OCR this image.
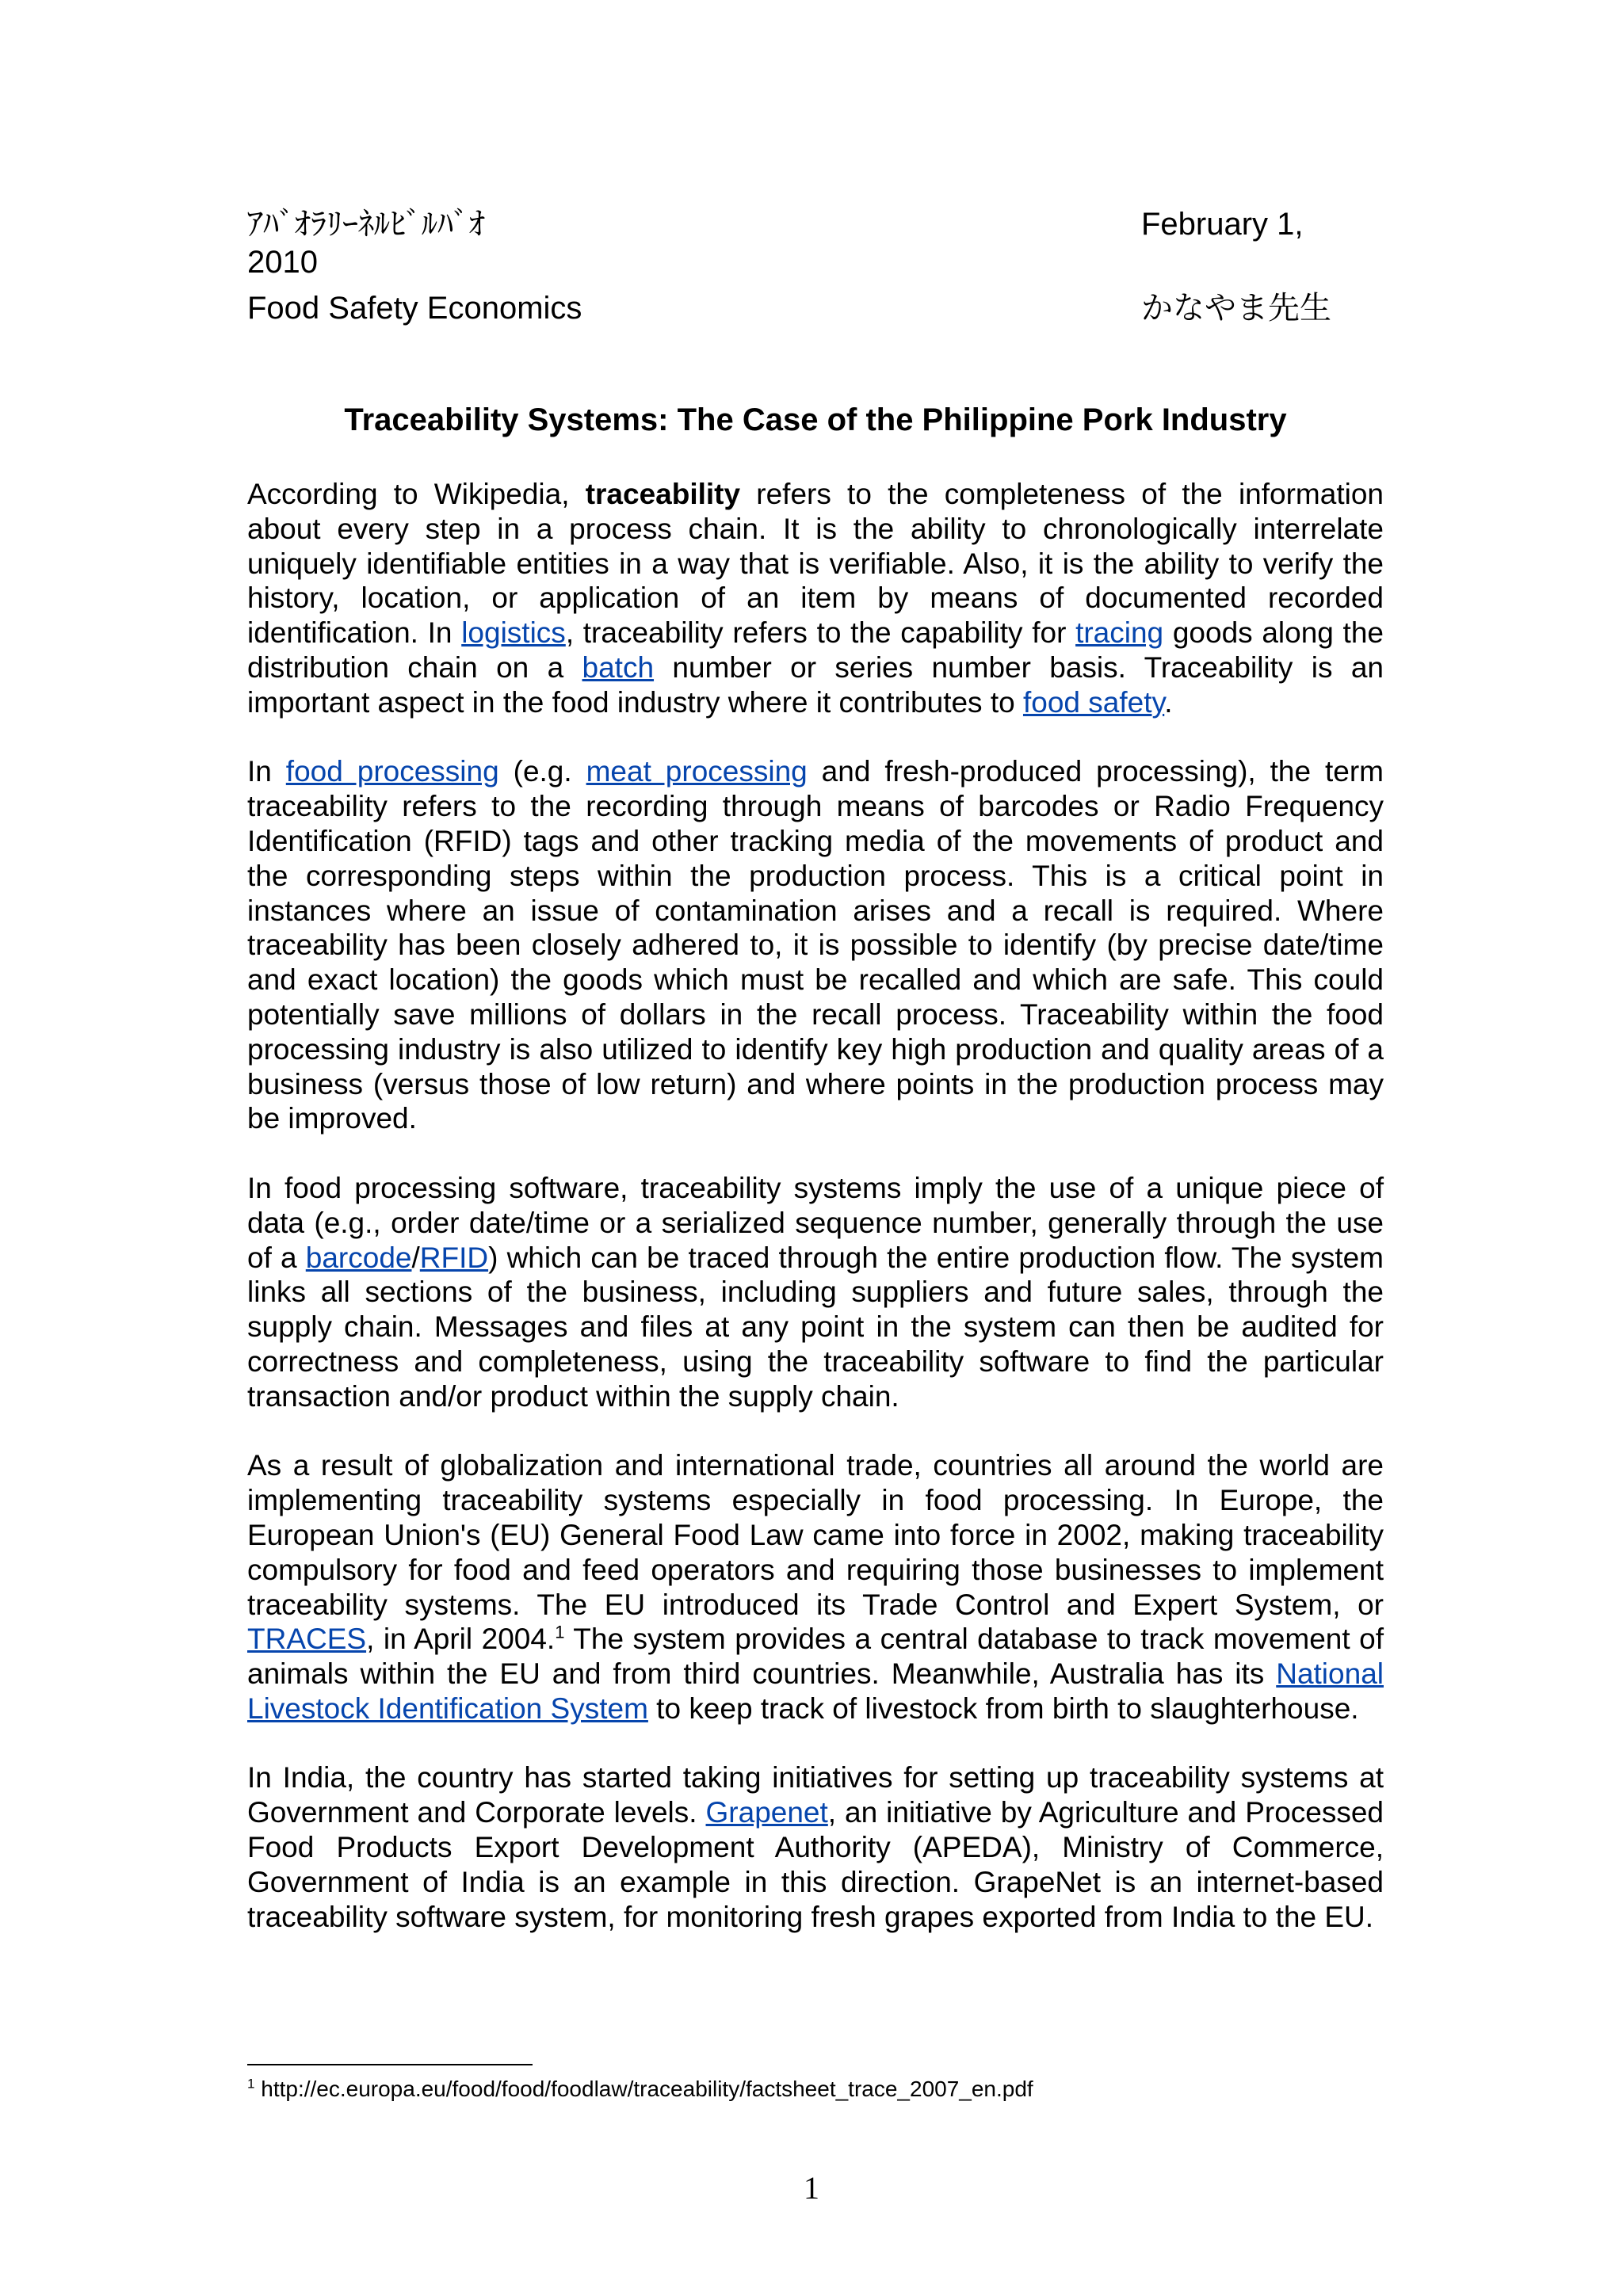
ｱﾊﾞｵﾗﾘｰﾈﾙﾋﾞﾙﾊﾞｵ	February 1,
2010
Food Safety Economics	かなやま先生
Traceability Systems: The Case of the Philippine Pork Industry

According to Wikipedia, traceability refers to the completeness of the information about every step in a process chain. It is the ability to chronologically interrelate uniquely identifiable entities in a way that is verifiable. Also, it is the ability to verify the history, location, or application of an item by means of documented recorded identification. In logistics, traceability refers to the capability for tracing goods along the distribution chain on a batch number or series number basis. Traceability is an important aspect in the food industry where it contributes to food safety.

In food processing (e.g. meat processing and fresh-produced processing), the term traceability refers to the recording through means of barcodes or Radio Frequency Identification (RFID) tags and other tracking media of the movements of product and the corresponding steps within the production process. This is a critical point in instances where an issue of contamination arises and a recall is required. Where traceability has been closely adhered to, it is possible to identify (by precise date/time and exact location) the goods which must be recalled and which are safe. This could potentially save millions of dollars in the recall process. Traceability within the food processing industry is also utilized to identify key high production and quality areas of a business (versus those of low return) and where points in the production process may be improved.

In food processing software, traceability systems imply the use of a unique piece of data (e.g., order date/time or a serialized sequence number, generally through the use of a barcode/RFID) which can be traced through the entire production flow. The system links all sections of the business, including suppliers and future sales, through the supply chain. Messages and files at any point in the system can then be audited for correctness and completeness, using the traceability software to find the particular transaction and/or product within the supply chain.

As a result of globalization and international trade, countries all around the world are implementing traceability systems especially in food processing. In Europe, the European Union's (EU) General Food Law came into force in 2002, making traceability compulsory for food and feed operators and requiring those businesses to implement traceability systems. The EU introduced its Trade Control and Expert System, or TRACES, in April 2004.$^1$ The system provides a central database to track movement of animals within the EU and from third countries. Meanwhile, Australia has its National Livestock Identification System to keep track of livestock from birth to slaughterhouse.

In India, the country has started taking initiatives for setting up traceability systems at Government and Corporate levels. Grapenet, an initiative by Agriculture and Processed Food Products Export Development Authority (APEDA), Ministry of Commerce, Government of India is an example in this direction. GrapeNet is an internet-based traceability software system, for monitoring fresh grapes exported from India to the EU.

$^1$ http://ec.europa.eu/food/food/foodlaw/traceability/factsheet_trace_2007_en.pdf
1
